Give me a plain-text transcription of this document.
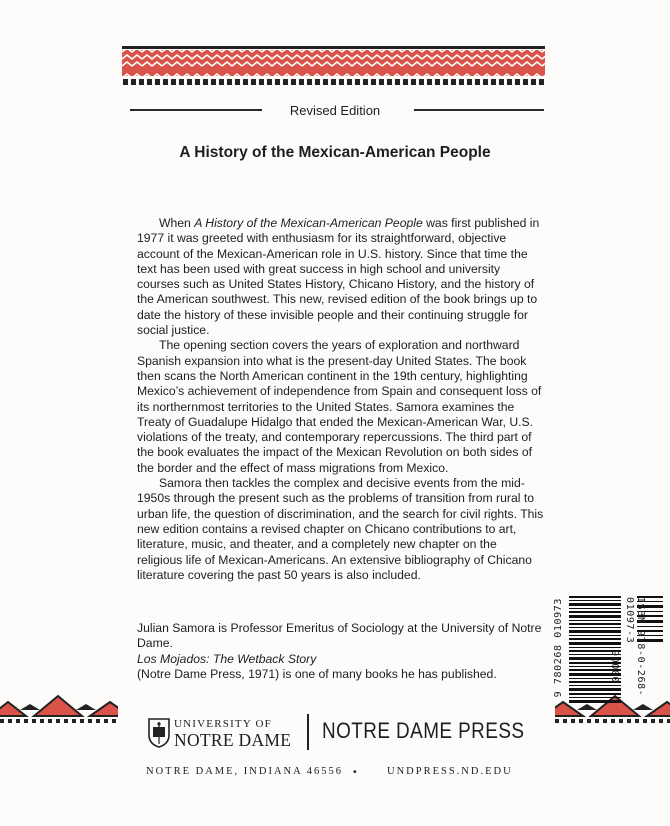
Revised Edition
A History of the Mexican-American People

When A History of the Mexican-American People was first published in 1977 it was greeted with enthusiasm for its straightforward, objective account of the Mexican-American role in U.S. history. Since that time the text has been used with great success in high school and university courses such as United States History, Chicano History, and the history of the American southwest. This new, revised edition of the book brings up to date the history of these invisible people and their continuing struggle for social justice.

The opening section covers the years of exploration and northward Spanish expansion into what is the present-day United States. The book then scans the North American continent in the 19th century, highlighting Mexico’s achievement of independence from Spain and consequent loss of its northernmost territories to the United States. Samora examines the Treaty of Guadalupe Hidalgo that ended the Mexican-American War, U.S. violations of the treaty, and contemporary repercussions. The third part of the book evaluates the impact of the Mexican Revolution on both sides of the border and the effect of mass migrations from Mexico.

Samora then tackles the complex and decisive events from the mid-1950s through the present such as the problems of transition from rural to urban life, the question of discrimination, and the search for civil rights. This new edition contains a revised chapter on Chicano contributions to art, literature, music, and theater, and a completely new chapter on the religious life of Mexican-Americans. An extensive bibliography of Chicano literature covering the past 50 years is also included.

Julian Samora is Professor Emeritus of Sociology at the University of Notre Dame.
Los Mojados: The Wetback Story
(Notre Dame Press, 1971) is one of many books he has published.	9 780268 010973	ISBN 978-0-268-01097-3
90000
UNIVERSITY OF
NOTRE DAME NOTRE DAME PRESS
NOTRE DAME, INDIANA 46556 •	UNDPRESS.ND.EDU
